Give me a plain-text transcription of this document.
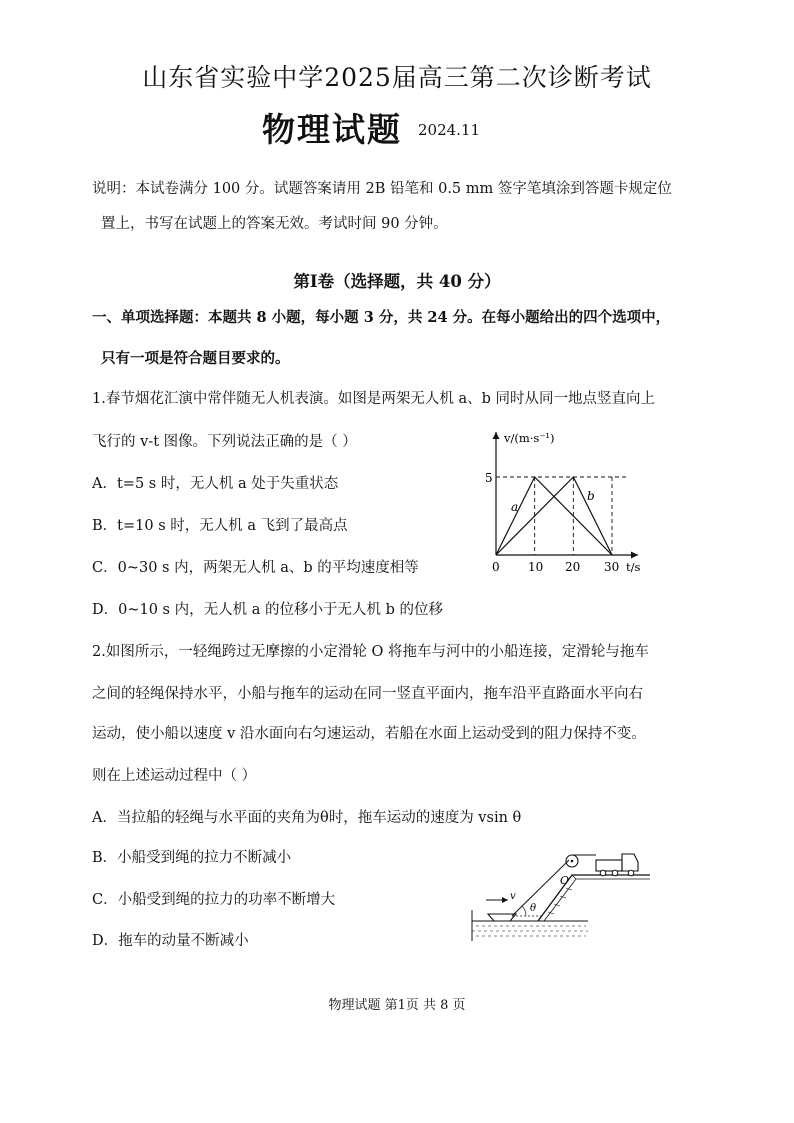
山东省实验中学2025届高三第二次诊断考试
物理试题 2024.11
说明：本试卷满分 100 分。试题答案请用 2B 铅笔和 0.5 mm 签字笔填涂到答题卡规定位
置上，书写在试题上的答案无效。考试时间 90 分钟。
第Ⅰ卷（选择题，共 40 分）
一、单项选择题：本题共 8 小题，每小题 3 分，共 24 分。在每小题给出的四个选项中，
只有一项是符合题目要求的。
1.春节烟花汇演中常伴随无人机表演。如图是两架无人机 a、b 同时从同一地点竖直向上
飞行的 v-t 图像。下列说法正确的是（ ）
A．t=5 s 时，无人机 a 处于失重状态
B．t=10 s 时，无人机 a 飞到了最高点
C．0~30 s 内，两架无人机 a、b 的平均速度相等
D．0~10 s 内，无人机 a 的位移小于无人机 b 的位移
v/(m·s⁻¹)
t/s
0 10 20 30
5
a
b
2.如图所示，一轻绳跨过无摩擦的小定滑轮 O 将拖车与河中的小船连接，定滑轮与拖车
之间的轻绳保持水平，小船与拖车的运动在同一竖直平面内，拖车沿平直路面水平向右
运动，使小船以速度 v 沿水面向右匀速运动，若船在水面上运动受到的阻力保持不变。
则在上述运动过程中（ ）
A．当拉船的轻绳与水平面的夹角为θ时，拖车运动的速度为 vsin θ
B．小船受到绳的拉力不断减小
C．小船受到绳的拉力的功率不断增大
D．拖车的动量不断减小
v
O
θ
物理试题 第1页 共 8 页
